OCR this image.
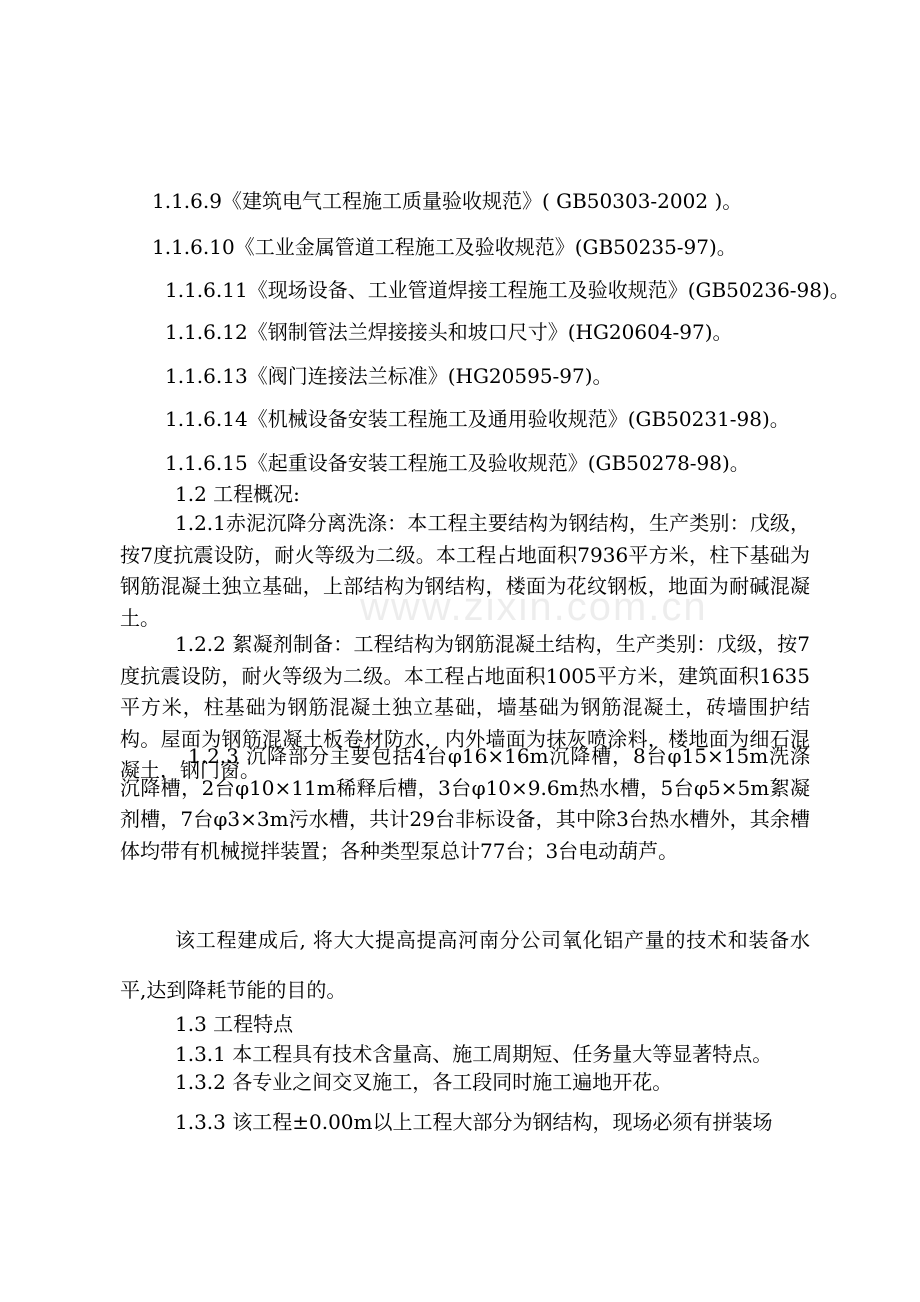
www.zixin.com.cn
1.1.6.9《建筑电气工程施工质量验收规范》( GB50303-2002 )。
1.1.6.10《工业金属管道工程施工及验收规范》(GB50235-97)。
1.1.6.11《现场设备、工业管道焊接工程施工及验收规范》(GB50236-98)。
1.1.6.12《钢制管法兰焊接接头和坡口尺寸》(HG20604-97)。
1.1.6.13《阀门连接法兰标准》(HG20595-97)。
1.1.6.14《机械设备安装工程施工及通用验收规范》(GB50231-98)。
1.1.6.15《起重设备安装工程施工及验收规范》(GB50278-98)。
1.2 工程概况:
1.2.1赤泥沉降分离洗涤：本工程主要结构为钢结构，生产类别：戊级，按7度抗震设防，耐火等级为二级。本工程占地面积7936平方米，柱下基础为钢筋混凝土独立基础，上部结构为钢结构，楼面为花纹钢板，地面为耐碱混凝土。
1.2.2 絮凝剂制备：工程结构为钢筋混凝土结构，生产类别：戊级，按7度抗震设防，耐火等级为二级。本工程占地面积1005平方米，建筑面积1635平方米，柱基础为钢筋混凝土独立基础，墙基础为钢筋混凝土，砖墙围护结构。屋面为钢筋混凝土板卷材防水，内外墙面为抹灰喷涂料，楼地面为细石混凝土，钢门窗。
1.2.3 沉降部分主要包括4台φ16×16m沉降槽，8台φ15×15m洗涤沉降槽，2台φ10×11m稀释后槽，3台φ10×9.6m热水槽，5台φ5×5m絮凝剂槽，7台φ3×3m污水槽，共计29台非标设备，其中除3台热水槽外，其余槽体均带有机械搅拌装置；各种类型泵总计77台；3台电动葫芦。
该工程建成后, 将大大提高提高河南分公司氧化铝产量的技术和装备水平,达到降耗节能的目的。
1.3 工程特点
1.3.1 本工程具有技术含量高、施工周期短、任务量大等显著特点。
1.3.2 各专业之间交叉施工，各工段同时施工遍地开花。
1.3.3 该工程±0.00m以上工程大部分为钢结构，现场必须有拼装场
